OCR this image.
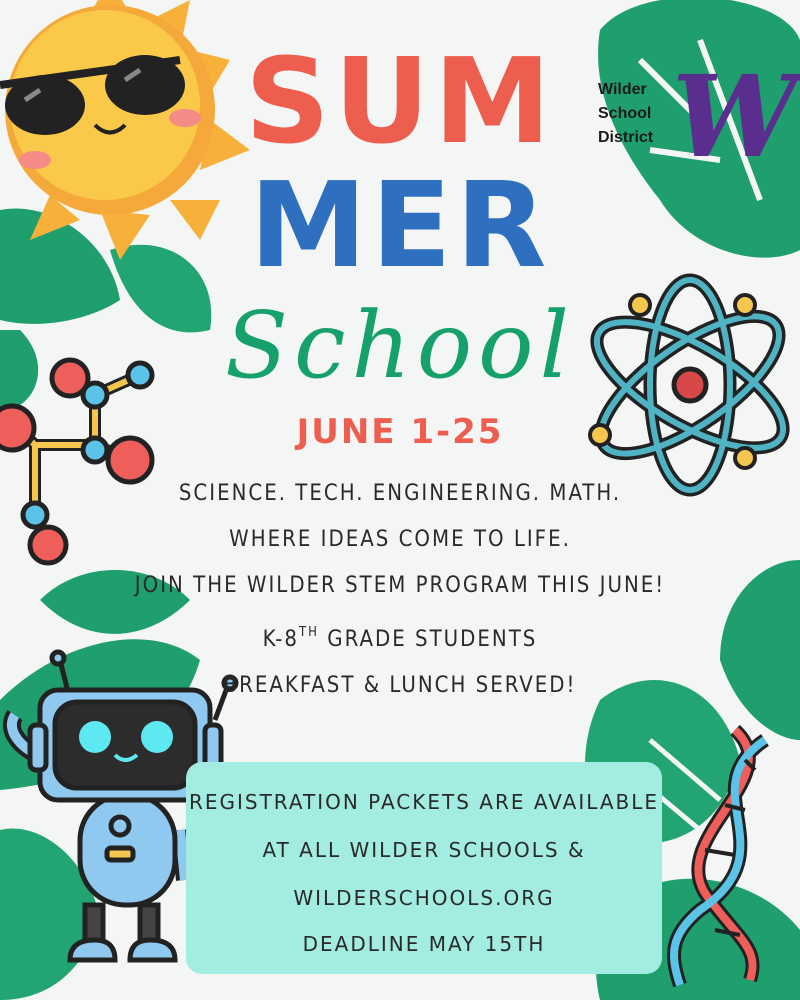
Wilder
School
District W
SUM
MER
School
JUNE 1-25
SCIENCE. TECH. ENGINEERING. MATH.
WHERE IDEAS COME TO LIFE.
JOIN THE WILDER STEM PROGRAM THIS JUNE!
K-8TH GRADE STUDENTS
BREAKFAST & LUNCH SERVED!
REGISTRATION PACKETS ARE AVAILABLE
AT ALL WILDER SCHOOLS &
WILDERSCHOOLS.ORG
DEADLINE MAY 15TH
